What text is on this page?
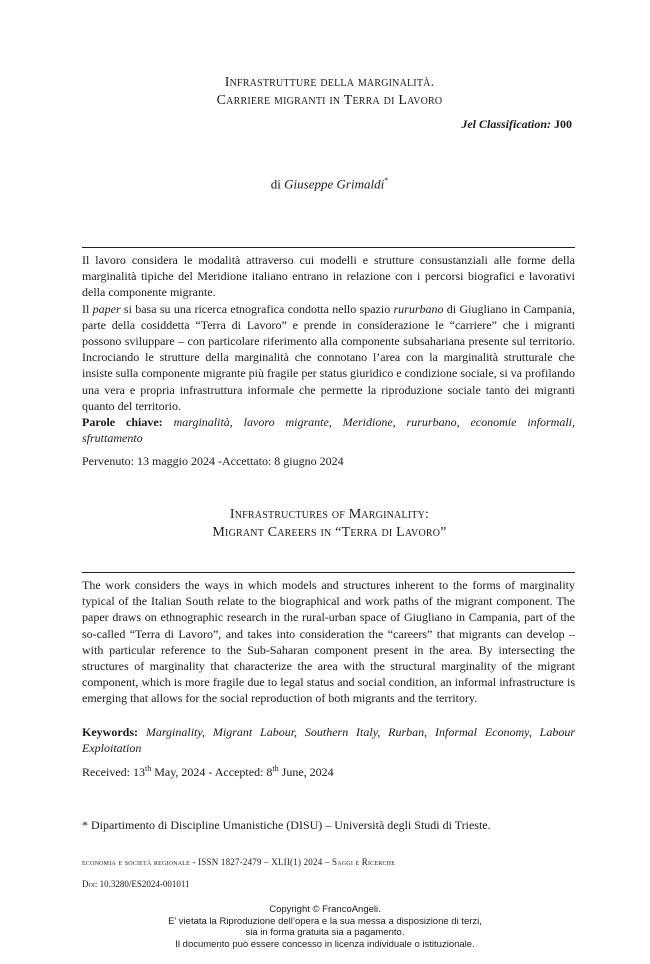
Infrastrutture della marginalità.
Carriere migranti in Terra di Lavoro
Jel Classification: J00
di Giuseppe Grimaldi*

Il lavoro considera le modalità attraverso cui modelli e strutture consustanziali alle forme della marginalità tipiche del Meridione italiano entrano in relazione con i percorsi biografici e lavorativi della componente migrante.

Il paper si basa su una ricerca etnografica condotta nello spazio rururbano di Giugliano in Campania, parte della cosiddetta “Terra di Lavoro” e prende in considerazione le “carriere” che i migranti possono sviluppare – con particolare riferimento alla componente subsahariana presente sul territorio. Incrociando le strutture della marginalità che connotano l’area con la marginalità strutturale che insiste sulla componente migrante più fragile per status giuridico e condizione sociale, si va profilando una vera e propria infrastruttura informale che permette la riproduzione sociale tanto dei migranti quanto del territorio.

Parole chiave: marginalità, lavoro migrante, Meridione, rururbano, economie informali, sfruttamento
Pervenuto: 13 maggio 2024 -Accettato: 8 giugno 2024
Infrastructures of Marginality:
Migrant Careers in “Terra di Lavoro”

The work considers the ways in which models and structures inherent to the forms of marginality typical of the Italian South relate to the biographical and work paths of the migrant component. The paper draws on ethnographic research in the rural-urban space of Giugliano in Campania, part of the so-called “Terra di Lavoro”, and takes into consideration the “careers” that migrants can develop – with particular reference to the Sub-Saharan component present in the area. By intersecting the structures of marginality that characterize the area with the structural marginality of the migrant component, which is more fragile due to legal status and social condition, an informal infrastructure is emerging that allows for the social reproduction of both migrants and the territory.

Keywords: Marginality, Migrant Labour, Southern Italy, Rurban, Informal Economy, Labour Exploitation
Received: 13th May, 2024 - Accepted: 8th June, 2024
* Dipartimento di Discipline Umanistiche (DISU) – Università degli Studi di Trieste.
economia e società regionale - ISSN 1827-2479 – XLII(1) 2024 – Saggi e Ricerche
Doi: 10.3280/ES2024-001011
Copyright © FrancoAngeli.
E’ vietata la Riproduzione dell’opera e la sua messa a disposizione di terzi,
sia in forma gratuita sia a pagamento.
Il documento può essere concesso in licenza individuale o istituzionale.
